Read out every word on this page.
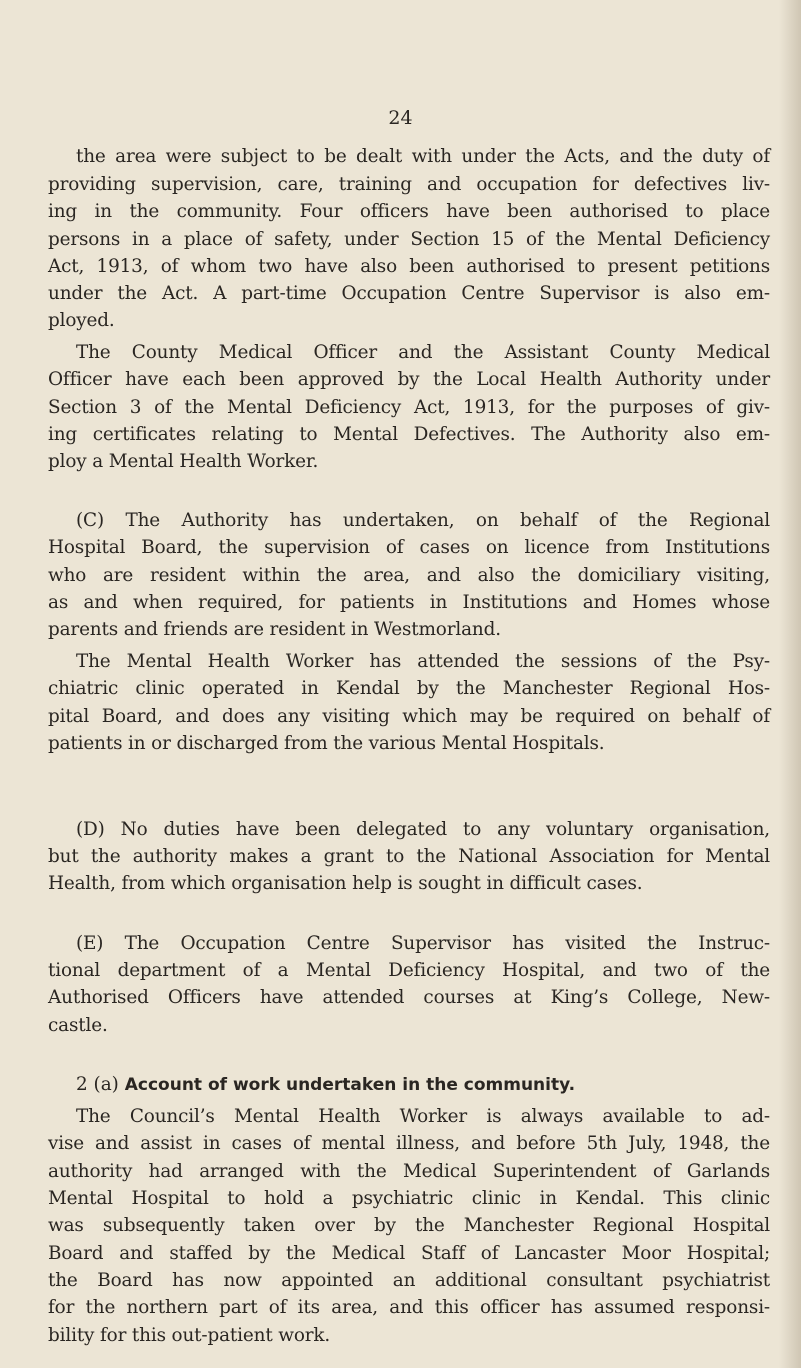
24
the area were subject to be dealt with under the Acts, and the duty of
providing supervision, care, training and occupation for defectives liv-
ing in the community. Four officers have been authorised to place
persons in a place of safety, under Section 15 of the Mental Deficiency
Act, 1913, of whom two have also been authorised to present petitions
under the Act. A part-time Occupation Centre Supervisor is also em-
ployed.
The County Medical Officer and the Assistant County Medical
Officer have each been approved by the Local Health Authority under
Section 3 of the Mental Deficiency Act, 1913, for the purposes of giv-
ing certificates relating to Mental Defectives. The Authority also em-
ploy a Mental Health Worker.
(C) The Authority has undertaken, on behalf of the Regional
Hospital Board, the supervision of cases on licence from Institutions
who are resident within the area, and also the domiciliary visiting,
as and when required, for patients in Institutions and Homes whose
parents and friends are resident in Westmorland.
The Mental Health Worker has attended the sessions of the Psy-
chiatric clinic operated in Kendal by the Manchester Regional Hos-
pital Board, and does any visiting which may be required on behalf of
patients in or discharged from the various Mental Hospitals.
(D) No duties have been delegated to any voluntary organisation,
but the authority makes a grant to the National Association for Mental
Health, from which organisation help is sought in difficult cases.
(E) The Occupation Centre Supervisor has visited the Instruc-
tional department of a Mental Deficiency Hospital, and two of the
Authorised Officers have attended courses at King’s College, New-
castle.
The Council’s Mental Health Worker is always available to ad-
vise and assist in cases of mental illness, and before 5th July, 1948, the
authority had arranged with the Medical Superintendent of Garlands
Mental Hospital to hold a psychiatric clinic in Kendal. This clinic
was subsequently taken over by the Manchester Regional Hospital
Board and staffed by the Medical Staff of Lancaster Moor Hospital;
the Board has now appointed an additional consultant psychiatrist
for the northern part of its area, and this officer has assumed responsi-
bility for this out-patient work.
2 (a) Account of work undertaken in the community.
